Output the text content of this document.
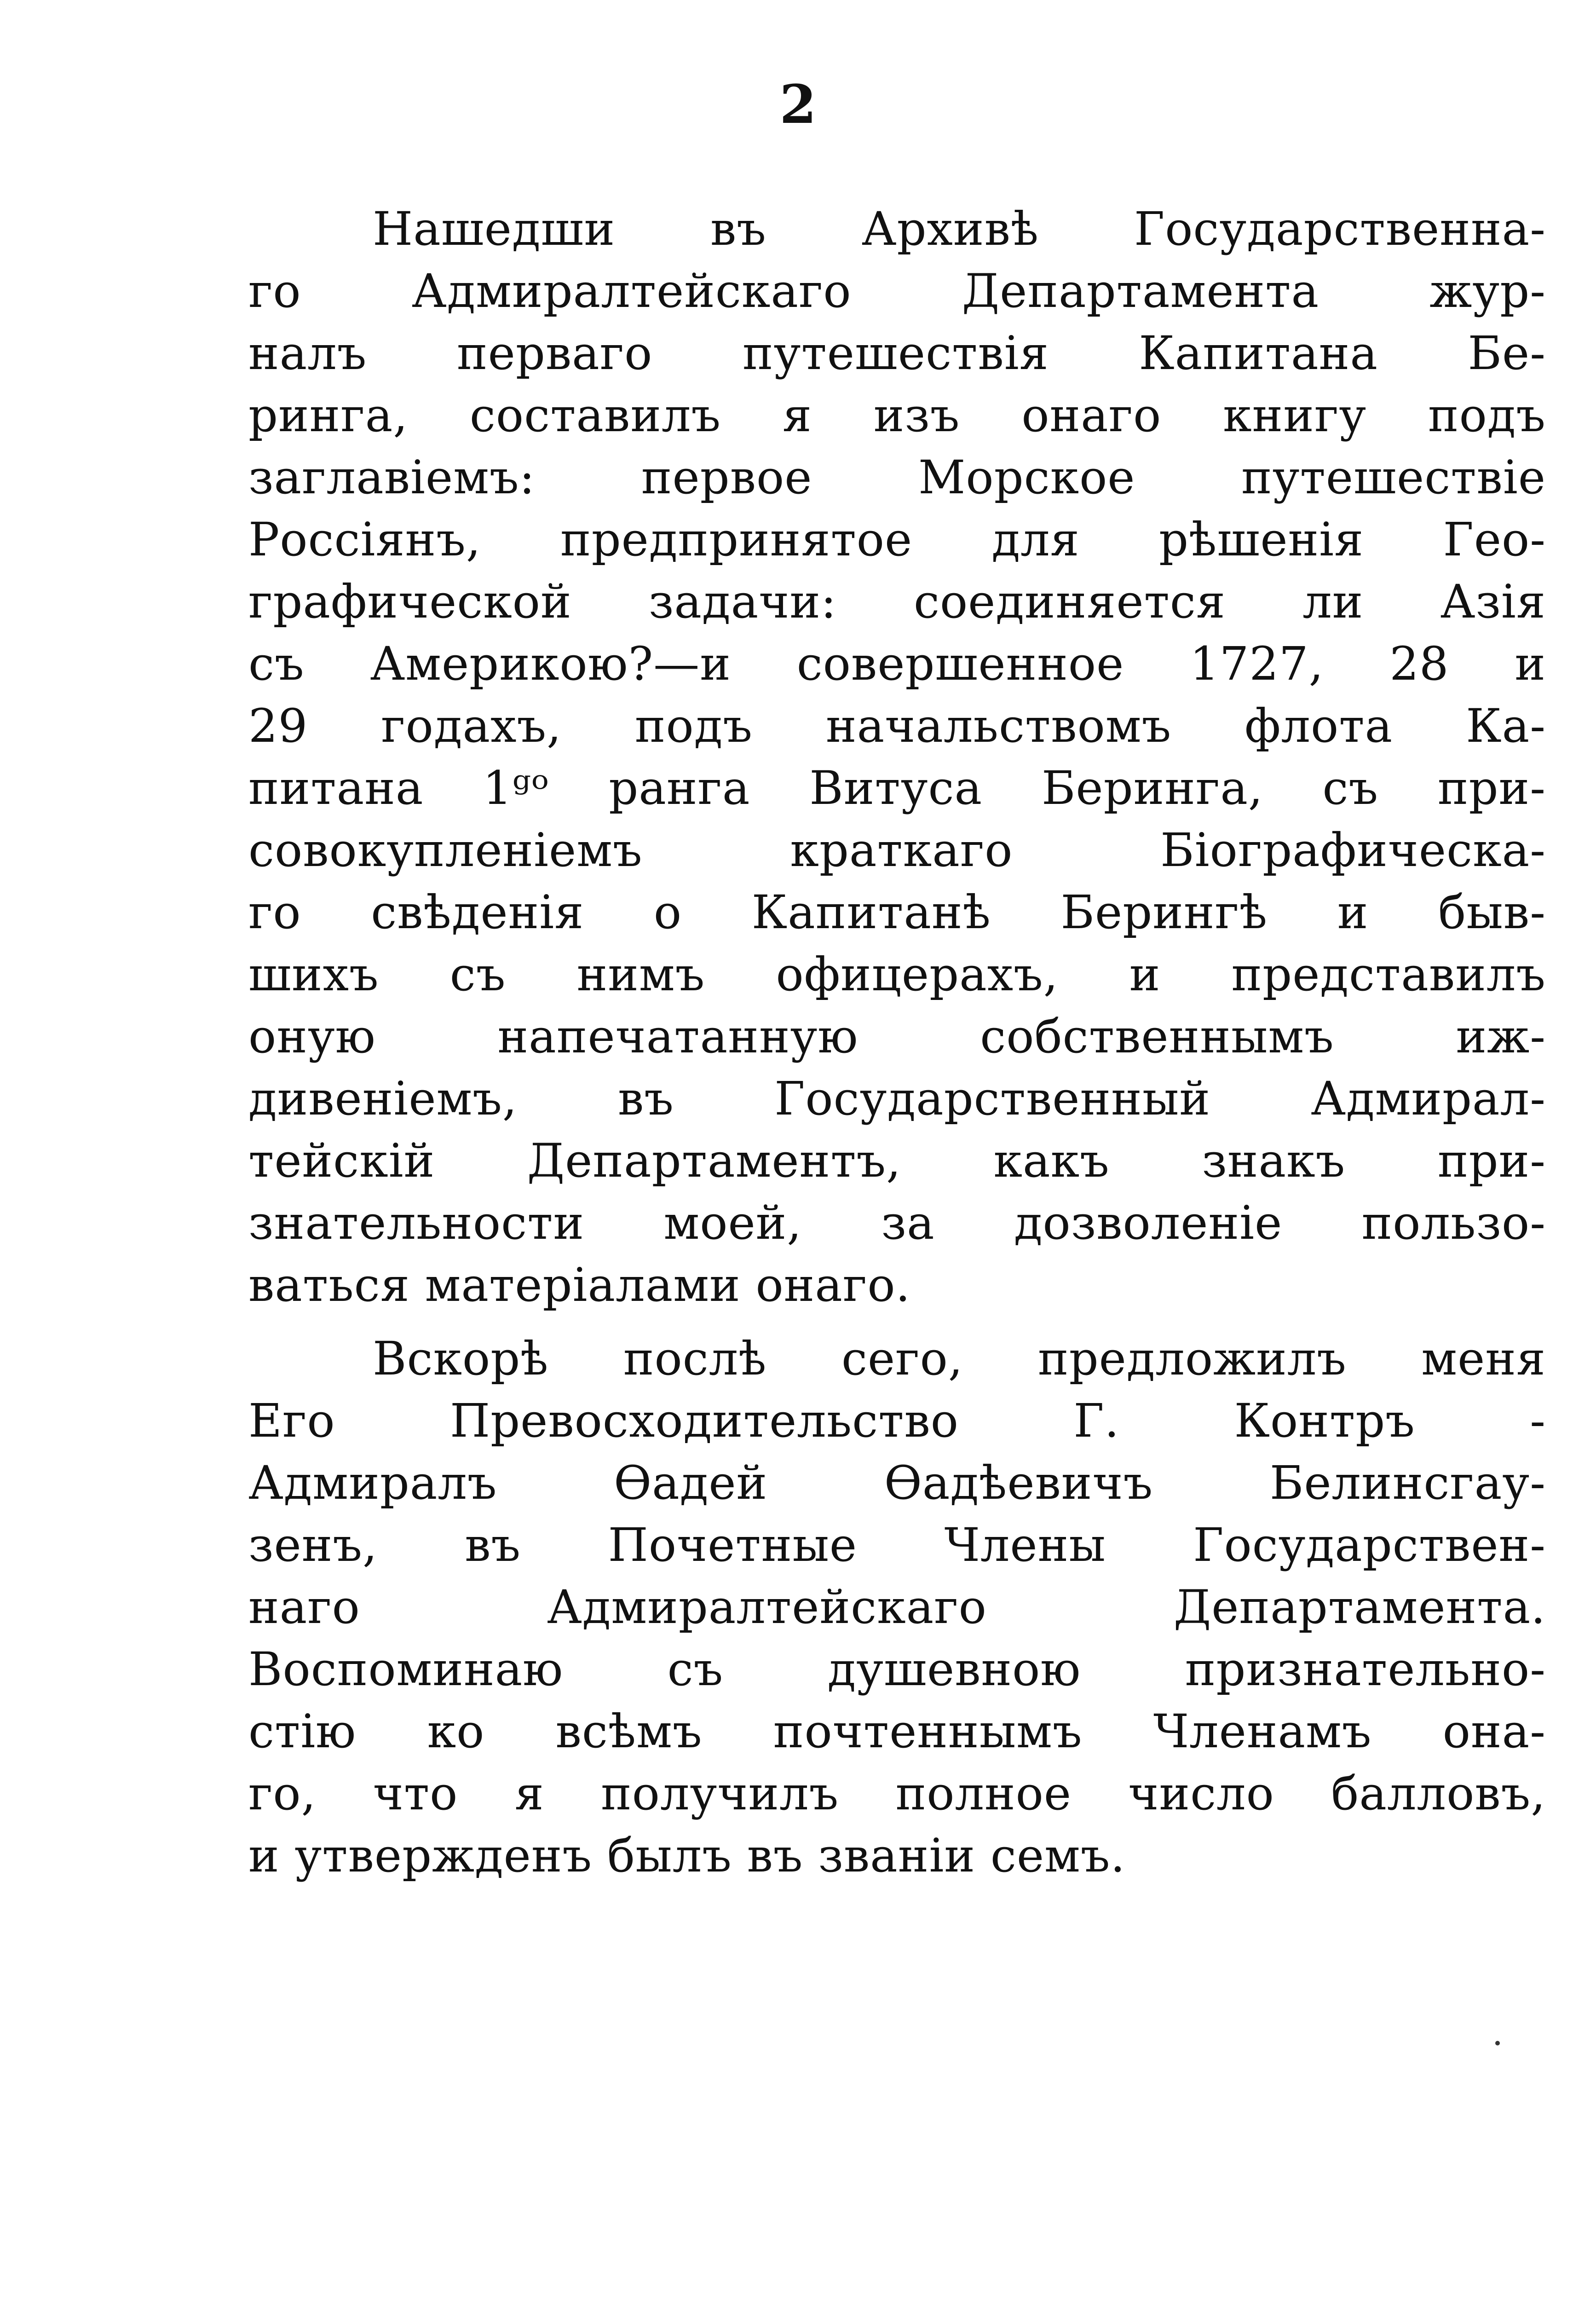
2
Нашедши въ Архивѣ Государственна-
го Адмиралтейскаго Департамента жур-
налъ перваго путешествія Капитана Бе-
ринга, составилъ я изъ онаго книгу подъ
заглавіемъ: первое Морское путешествіе
Россіянъ, предпринятое для рѣшенія Гео-
графической задачи: соединяется ли Азія
съ Америкою?—и совершенное 1727, 28 и
29 годахъ, подъ начальствомъ флота Ка-
питана 1ᵍᵒ ранга Витуса Беринга, съ при-
совокупленіемъ краткаго Біографическа-
го свѣденія о Капитанѣ Берингѣ и быв-
шихъ съ нимъ офицерахъ, и представилъ
оную напечатанную собственнымъ иж-
дивеніемъ, въ Государственный Адмирал-
тейскій Департаментъ, какъ знакъ при-
знательности моей, за дозволеніе пользо-
ваться матеріалами онаго.
Вскорѣ послѣ сего, предложилъ меня
Его Превосходительство Г. Контръ -
Адмиралъ Ѳадей Ѳадѣевичъ Белинсгау-
зенъ, въ Почетные Члены Государствен-
наго Адмиралтейскаго Департамента.
Воспоминаю съ душевною признательно-
стію ко всѣмъ почтеннымъ Членамъ она-
го, что я получилъ полное число балловъ,
и утвержденъ былъ въ званіи семъ.
